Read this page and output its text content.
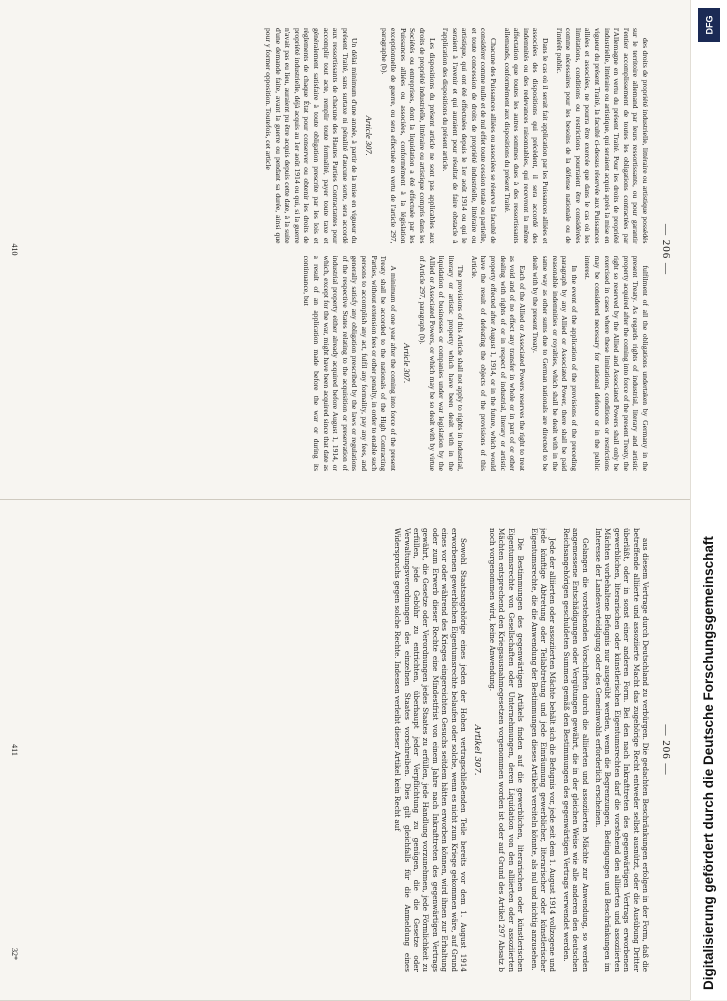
— 206 —

des droits de propriété industrielle, littéraire ou artistique possédés sur le territoire allemand par leurs ressortissants, ou pour garantir l'entier accomplissement de toutes les obligations contractées par l'Allemagne en vertu du présent Traité. Pour les droits de propriété industrielle, littéraire ou artistique, qui seraient acquis après la mise en vigueur du présent Traité, la faculté ci-dessus réservée aux Puissances alliées et associées, ne pourra être exercée que dans le cas où les limitations, conditions ou restrictions pourraient être considérées comme nécessaires pour les besoins de la défense nationale ou de l'intérêt public.

Dans le cas où il serait fait application par les Puissances alliées et associées des dispositions qui précèdent, il sera accordé des indemnités ou des redevances raisonnables, qui recevront la même affectation que toutes les autres sommes dues à des ressortissants allemands, conformément aux dispositions du présent Traité.

Chacune des Puissances alliées ou associées se réserve la faculté de considérer comme nulle et de nul effet toute cession totale ou partielle, et toute concession de droits de propriété industrielle, littéraire ou artistique, qui ont été effectuées depuis le 1er août 1914 ou qui le seraient à l'avenir et qui auraient pour résultat de faire obstacle à l'application des dispositions du présent article.

Les dispositions du présent article ne sont pas applicables aux droits de propriété industrielle, littéraire ou artistique compris dans les Sociétés ou entreprises, dont la liquidation a été effectuée par les Puissances alliées ou associées, conformément à la législation exceptionnelle de guerre, ou sera effectuée en vertu de l'article 297, paragraphe (b).

Article 307.

Un délai minimum d'une année, à partir de la mise en vigueur du présent Traité, sans surtaxe ni pénalité d'aucune sorte, sera accordé aux ressortissants de chacune des Hautes Parties Contractantes pour accomplir tout acte, remplir toute formalité, payer toute taxe et généralement satisfaire à toute obligation prescrite par les lois et règlements de chaque État pour conserver ou obtenir les droits de propriété industrielle, déjà acquis au 1er août 1914 ou qui, si la guerre n'avait pas eu lieu, auraient pu être acquis depuis cette date, à la suite d'une demande faite, avant la guerre ou pendant sa durée, ainsi que pour y former opposition. Toutefois, cet article

fulfilment of all the obligations undertaken by Germany in the present Treaty. As regards rights of industrial, literary and artistic property acquired after the coming into force of the present Treaty, the right so reserved by the Allied and Associated Powers shall only be exercised in cases where these limitations, conditions or restrictions may be considered necessary for national defence or in the public interest.

In the event of the application of the provisions of the preceding paragraph by any Allied or Associated Power, there shall be paid reasonable indemnities or royalties, which shall be dealt with in the same way as other sums due to German nationals are directed to be dealt with by the present Treaty.

Each of the Allied or Associated Powers reserves the right to treat as void and of no effect any transfer in whole or in part of or other dealing with rights of or in respect of industrial, literary or artistic property effected after August 1, 1914, or in the future, which would have the result of defeating the objects of the provisions of this Article.

The provisions of this Article shall not apply to rights in industrial, literary or artistic property which have been dealt with in the liquidation of businesses or companies under war legislation by the Allied or Associated Powers, or which may be so dealt with by virtue of Article 297, paragraph (b).

Article 307.

A minimum of one year after the coming into force of the present Treaty shall be accorded to the nationals of the High Contracting Parties, without extension fees or other penalty, in order to enable such persons to accomplish any act, fulfil any formality, pay any fees, and generally satisfy any obligation prescribed by the laws or regulations of the respective States relating to the acquisition or preservation of industrial property either already acquired before August 1, 1914, or which, except for the war, might have been acquired since that date as a result of an application made before the war or during its continuance, but

410
— 206 —

aus diesem Vertrage durch Deutschland zu verbürgen. Die gedachten Beschränkungen erfolgen in der Form, daß die betreffende alliierte und assoziierte Macht das zugehörige Recht entweder selbst ausnützt, oder die Ausübung Dritter überläßt, oder in sonst einer anderen Form. Bei den nach Inkrafttreten des gegenwärtigen Vertrags erworbenen gewerblichen, literarischen oder künstlerischen Eigentumsrechten darf die vorstehend den alliierten und assoziierten Mächten vorbehaltene Befugnis nur ausgeübt werden, wenn die Begrenzungen, Bedingungen und Beschränkungen im Interesse der Landesverteidigung oder des Gemeinwohls erforderlich erscheinen.

Gelangen die vorstehenden Vorschriften durch die alliierten und assoziierten Mächte zur Anwendung, so werden angemessene Entschädigungen oder Vergütungen gewährt, die in der gleichen Weise wie alle anderen den deutschen Reichsangehörigen geschuldeten Summen gemäß den Bestimmungen des gegenwärtigen Vertrags verwendet werden.

Jede der alliierten oder assoziierten Mächte behält sich die Befugnis vor, jede seit dem 1. August 1914 vollzogene und jede künftige Abtretung oder Teilabtretung und jede Einräumung gewerblicher, literarischer oder künstlerischer Eigentumsrechte, die die Anwendung der Bestimmungen dieses Artikels vereiteln könnte, als nul und nichtig anzusehen.

Die Bestimmungen des gegenwärtigen Artikels finden auf die gewerblichen, literarischen oder künstlerischen Eigentumsrechte von Gesellschaften oder Unternehmungen, deren Liquidation von den alliierten oder assoziierten Mächten entsprechend den Kriegsausnahmegesetzen vorgenommen worden ist oder auf Grund des Artikel 297 Absatz b noch vorgenommen wird, keine Anwendung.

Artikel 307.

Sowohl Staatsangehörige eines jeden der Hohen vertragschließenden Teile bereits vor dem 1. August 1914 erworbenen gewerblichen Eigentumsrechte belaufen oder solche, wenn es nicht zum Kriege gekommen wäre, auf Grund eines vor oder während des Krieges eingereichten Gesuchs seitdem hätten erworben können, wird ihnen zur Erhaltung oder zum Erwerb dieser Rechte eine Mindestfrist von einem Jahre nach Inkrafttreten des gegenwärtigen Vertrags gewährt, die Gesetze oder Verordnungen jedes Staates zu erfüllen, jede Handlung vorzunehmen, jede Förmlichkeit zu erfüllen, jede Gebühr zu entrichten, überhaupt jeder Verpflichtung zu genügen, die die Gesetze oder Verwaltungsverordnungen des einzelnen Staates vorschreiben. Dies gilt gleichfalls für die Anmeldung eines Widerspruchs gegen solche Rechte. Indessen verleiht dieser Artikel kein Recht auf

411
32*
DFG
Digitalisierung gefördert durch die Deutsche Forschungsgemeinschaft
